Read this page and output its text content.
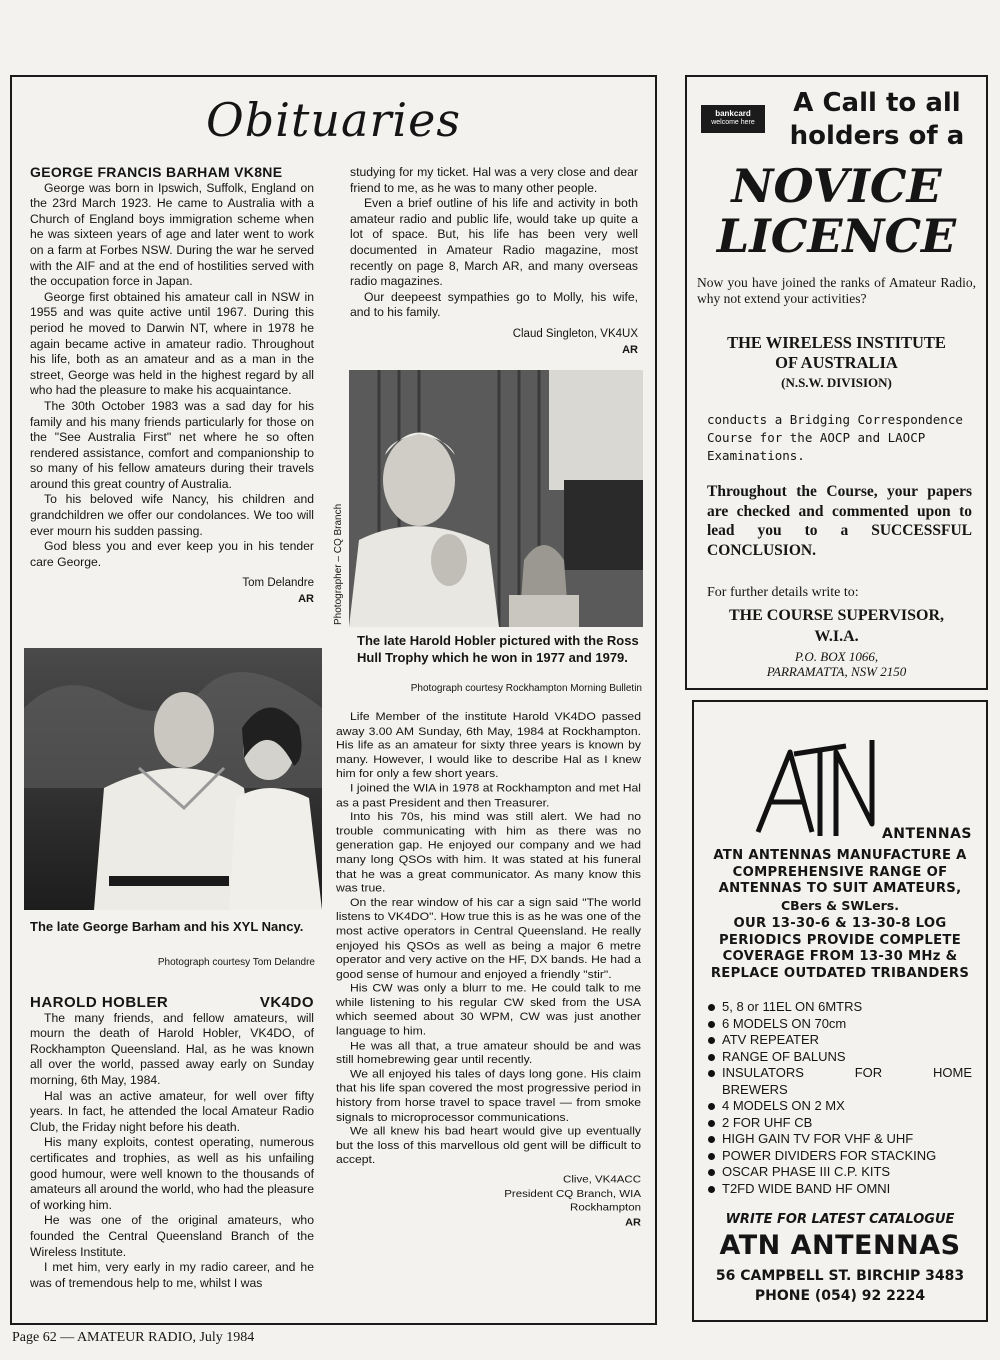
Obituaries

GEORGE FRANCIS BARHAM VK8NE

George was born in Ipswich, Suffolk, England on the 23rd March 1923. He came to Australia with a Church of England boys immigration scheme when he was sixteen years of age and later went to work on a farm at Forbes NSW. During the war he served with the AIF and at the end of hostilities served with the occupation force in Japan.

George first obtained his amateur call in NSW in 1955 and was quite active until 1967. During this period he moved to Darwin NT, where in 1978 he again became active in amateur radio. Throughout his life, both as an amateur and as a man in the street, George was held in the highest regard by all who had the pleasure to make his acquaintance.

The 30th October 1983 was a sad day for his family and his many friends particularly for those on the "See Australia First" net where he so often rendered assistance, comfort and companionship to so many of his fellow amateurs during their travels around this great country of Australia.

To his beloved wife Nancy, his children and grandchildren we offer our condolances. We too will ever mourn his sudden passing.

God bless you and ever keep you in his tender care George.

Tom Delandre

AR

The late George Barham and his XYL Nancy.
Photograph courtesy Tom Delandre
HAROLD HOBLER	VK4DO

The many friends, and fellow amateurs, will mourn the death of Harold Hobler, VK4DO, of Rockhampton Queensland. Hal, as he was known all over the world, passed away early on Sunday morning, 6th May, 1984.

Hal was an active amateur, for well over fifty years. In fact, he attended the local Amateur Radio Club, the Friday night before his death.

His many exploits, contest operating, numerous certificates and trophies, as well as his unfailing good humour, were well known to the thousands of amateurs all around the world, who had the pleasure of working him.

He was one of the original amateurs, who founded the Central Queensland Branch of the Wireless Institute.

I met him, very early in my radio career, and he was of tremendous help to me, whilst I was

studying for my ticket. Hal was a very close and dear friend to me, as he was to many other people.

Even a brief outline of his life and activity in both amateur radio and public life, would take up quite a lot of space. But, his life has been very well documented in Amateur Radio magazine, most recently on page 8, March AR, and many overseas radio magazines.

Our deepeest sympathies go to Molly, his wife, and to his family.

Claud Singleton, VK4UX

AR

Photographer – CQ Branch
The late Harold Hobler pictured with the Ross Hull Trophy which he won in 1977 and 1979.
Photograph courtesy Rockhampton Morning Bulletin

Life Member of the institute Harold VK4DO passed away 3.00 AM Sunday, 6th May, 1984 at Rockhampton. His life as an amateur for sixty three years is known by many. However, I would like to describe Hal as I knew him for only a few short years.

I joined the WIA in 1978 at Rockhampton and met Hal as a past President and then Treasurer.

Into his 70s, his mind was still alert. We had no trouble communicating with him as there was no generation gap. He enjoyed our company and we had many long QSOs with him. It was stated at his funeral that he was a great communicator. As many know this was true.

On the rear window of his car a sign said "The world listens to VK4DO". How true this is as he was one of the most active operators in Central Queensland. He really enjoyed his QSOs as well as being a major 6 metre operator and very active on the HF, DX bands. He had a good sense of humour and enjoyed a friendly "stir".

His CW was only a blurr to me. He could talk to me while listening to his regular CW sked from the USA which seemed about 30 WPM, CW was just another language to him.

He was all that, a true amateur should be and was still homebrewing gear until recently.

We all enjoyed his tales of days long gone. His claim that his life span covered the most progressive period in history from horse travel to space travel — from smoke signals to microprocessor communications.

We all knew his bad heart would give up eventually but the loss of this marvellous old gent will be difficult to accept.

Clive, VK4ACC

President CQ Branch, WIA

Rockhampton

AR

bankcard
welcome here
A Call to all holders of a
NOVICE
LICENCE
Now you have joined the ranks of Amateur Radio, why not extend your activities?
THE WIRELESS INSTITUTE
OF AUSTRALIA
(N.S.W. DIVISION)
conducts a Bridging Correspondence Course for the AOCP and LAOCP Examinations.
Throughout the Course, your papers are checked and commented upon to lead you to a SUCCESSFUL CONCLUSION.
For further details write to:
THE COURSE SUPERVISOR,
W.I.A.
P.O. BOX 1066,
PARRAMATTA, NSW 2150
ATN
ANTENNAS
ATN ANTENNAS MANUFACTURE A COMPREHENSIVE RANGE OF ANTENNAS TO SUIT AMATEURS,
CBers & SWLers.
OUR 13-30-6 & 13-30-8 LOG PERIODICS PROVIDE COMPLETE COVERAGE FROM 13-30 MHz & REPLACE OUTDATED TRIBANDERS
5, 8 or 11EL ON 6MTRS
6 MODELS ON 70cm
ATV REPEATER
RANGE OF BALUNS
INSULATORS FOR HOME BREWERS
4 MODELS ON 2 MX
2 FOR UHF CB
HIGH GAIN TV FOR VHF & UHF
POWER DIVIDERS FOR STACKING
OSCAR PHASE III C.P. KITS
T2FD WIDE BAND HF OMNI
WRITE FOR LATEST CATALOGUE
ATN ANTENNAS
56 CAMPBELL ST. BIRCHIP 3483
PHONE (054) 92 2224
Page 62 — AMATEUR RADIO, July 1984
